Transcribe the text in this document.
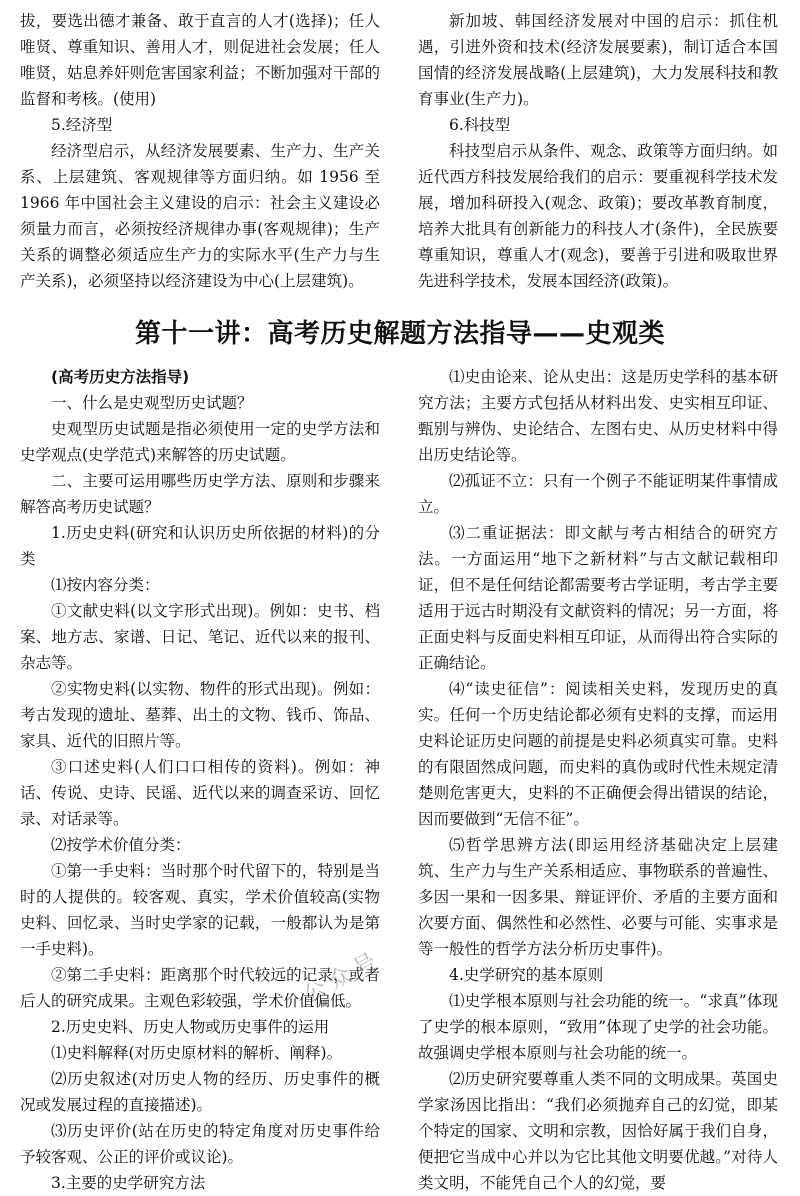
拔，要选出德才兼备、敢于直言的人才(选择)；任人唯贤、尊重知识、善用人才，则促进社会发展；任人唯贤，姑息养奸则危害国家利益；不断加强对干部的监督和考核。(使用)

5.经济型

经济型启示，从经济发展要素、生产力、生产关系、上层建筑、客观规律等方面归纳。如 1956 至 1966 年中国社会主义建设的启示：社会主义建设必须量力而言，必须按经济规律办事(客观规律)；生产关系的调整必须适应生产力的实际水平(生产力与生产关系)，必须坚持以经济建设为中心(上层建筑)。

新加坡、韩国经济发展对中国的启示：抓住机遇，引进外资和技术(经济发展要素)，制订适合本国国情的经济发展战略(上层建筑)，大力发展科技和教育事业(生产力)。

6.科技型

科技型启示从条件、观念、政策等方面归纳。如近代西方科技发展给我们的启示：要重视科学技术发展，增加科研投入(观念、政策)；要改革教育制度，培养大批具有创新能力的科技人才(条件)，全民族要尊重知识，尊重人才(观念)，要善于引进和吸取世界先进科学技术，发展本国经济(政策)。

第十一讲：高考历史解题方法指导——史观类

(高考历史方法指导)

一、什么是史观型历史试题？

史观型历史试题是指必须使用一定的史学方法和史学观点(史学范式)来解答的历史试题。

二、主要可运用哪些历史学方法、原则和步骤来解答高考历史试题？

1.历史史料(研究和认识历史所依据的材料)的分类

⑴按内容分类：

①文献史料(以文字形式出现)。例如：史书、档案、地方志、家谱、日记、笔记、近代以来的报刊、杂志等。

②实物史料(以实物、物件的形式出现)。例如：考古发现的遗址、墓葬、出土的文物、钱币、饰品、家具、近代的旧照片等。

③口述史料(人们口口相传的资料)。例如：神话、传说、史诗、民谣、近代以来的调查采访、回忆录、对话录等。

⑵按学术价值分类：

①第一手史料：当时那个时代留下的，特别是当时的人提供的。较客观、真实，学术价值较高(实物史料、回忆录、当时史学家的记载，一般都认为是第一手史料)。

②第二手史料：距离那个时代较远的记录，或者后人的研究成果。主观色彩较强，学术价值偏低。

2.历史史料、历史人物或历史事件的运用

⑴史料解释(对历史原材料的解析、阐释)。

⑵历史叙述(对历史人物的经历、历史事件的概况或发展过程的直接描述)。

⑶历史评价(站在历史的特定角度对历史事件给予较客观、公正的评价或议论)。

3.主要的史学研究方法

⑴史由论来、论从史出：这是历史学科的基本研究方法；主要方式包括从材料出发、史实相互印证、甄别与辨伪、史论结合、左图右史、从历史材料中得出历史结论等。

⑵孤证不立：只有一个例子不能证明某件事情成立。

⑶二重证据法：即文献与考古相结合的研究方法。一方面运用“地下之新材料”与古文献记载相印证，但不是任何结论都需要考古学证明，考古学主要适用于远古时期没有文献资料的情况；另一方面，将正面史料与反面史料相互印证，从而得出符合实际的正确结论。

⑷“读史征信”：阅读相关史料，发现历史的真实。任何一个历史结论都必须有史料的支撑，而运用史料论证历史问题的前提是史料必须真实可靠。史料的有限固然成问题，而史料的真伪或时代性未规定清楚则危害更大，史料的不正确便会得出错误的结论，因而要做到“无信不征”。

⑸哲学思辨方法(即运用经济基础决定上层建筑、生产力与生产关系相适应、事物联系的普遍性、多因一果和一因多果、辩证评价、矛盾的主要方面和次要方面、偶然性和必然性、必要与可能、实事求是等一般性的哲学方法分析历史事件)。

4.史学研究的基本原则

⑴史学根本原则与社会功能的统一。“求真”体现了史学的根本原则，“致用”体现了史学的社会功能。故强调史学根本原则与社会功能的统一。

⑵历史研究要尊重人类不同的文明成果。英国史学家汤因比指出：“我们必须抛弃自己的幻觉，即某个特定的国家、文明和宗教，因恰好属于我们自身，便把它当成中心并以为它比其他文明要优越。”对待人类文明，不能凭自己个人的幻觉，要

公众号
